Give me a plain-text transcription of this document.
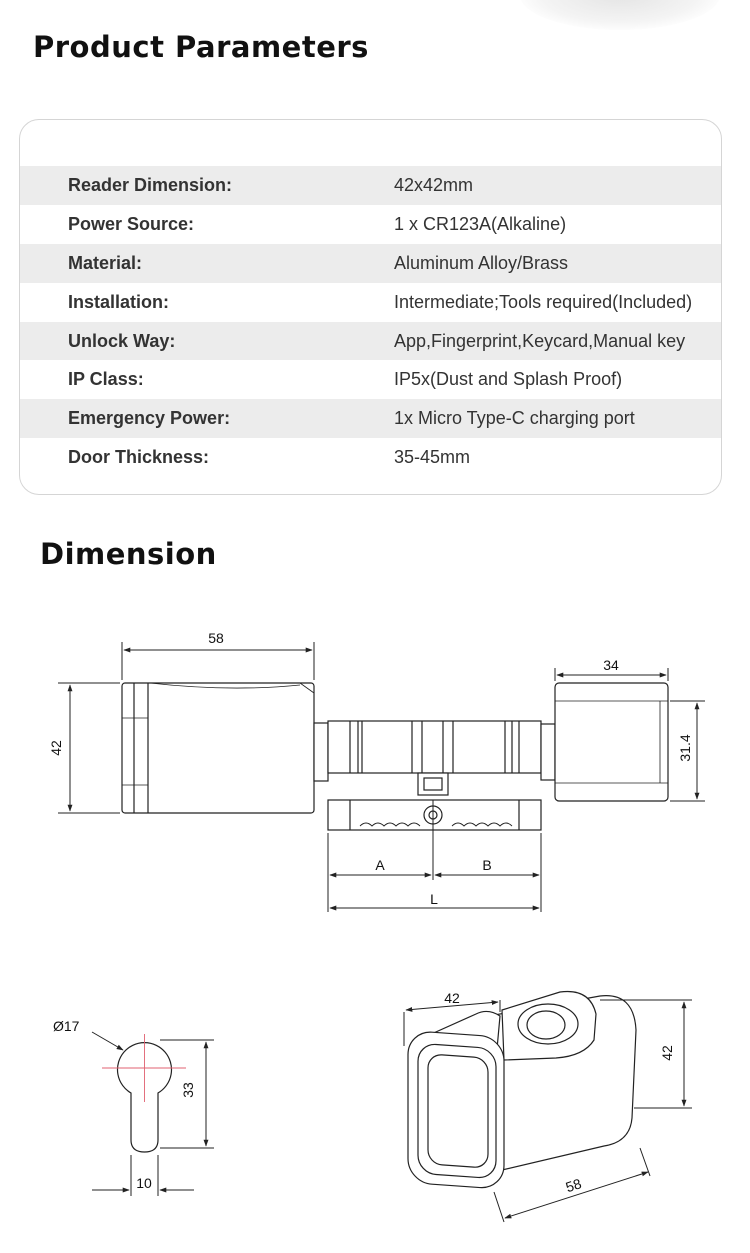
Product Parameters
Reader Dimension:	42x42mm
Power Source:	1 x CR123A(Alkaline)
Material:	Aluminum Alloy/Brass
Installation:	Intermediate;Tools required(Included)
Unlock Way:	App,Fingerprint,Keycard,Manual key
IP Class:	IP5x(Dust and Splash Proof)
Emergency Power:	1x Micro Type-C charging port
Door Thickness:	35-45mm
Dimension
58
42
34
31.4
A	B
L
Ø17
33
10
42
42
58
